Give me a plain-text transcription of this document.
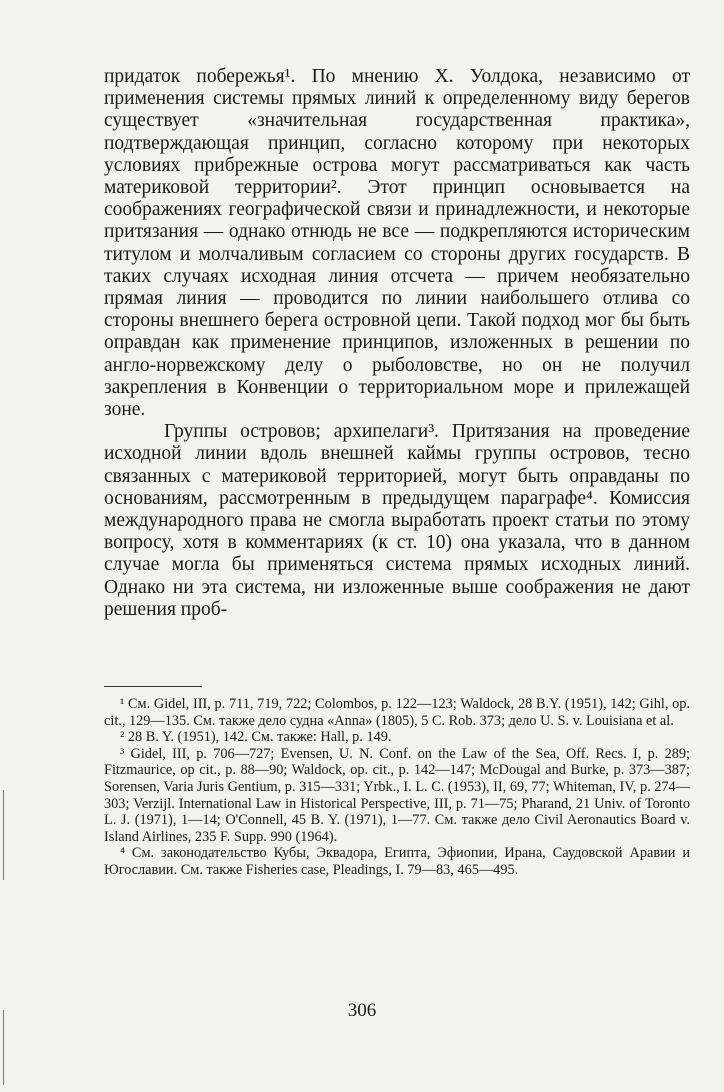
придаток побережья¹. По мнению X. Уолдока, независимо от применения системы прямых линий к определенному виду берегов существует «значительная государственная практика», подтверждающая принцип, согласно которому при некоторых условиях прибрежные острова могут рассматриваться как часть материковой территории². Этот принцип основывается на соображениях географической связи и принадлежности, и некоторые притязания — однако отнюдь не все — подкрепляются историческим титулом и молчаливым согласием со стороны других государств. В таких случаях исходная линия отсчета — причем необязательно прямая линия — проводится по линии наибольшего отлива со стороны внешнего берега островной цепи. Такой подход мог бы быть оправдан как применение принципов, изложенных в решении по англо-норвежскому делу о рыболовстве, но он не получил закрепления в Конвенции о территориальном море и прилежащей зоне.

Группы островов; архипелаги³. Притязания на проведение исходной линии вдоль внешней каймы группы островов, тесно связанных с материковой территорией, могут быть оправданы по основаниям, рассмотренным в предыдущем параграфе⁴. Комиссия международного права не смогла выработать проект статьи по этому вопросу, хотя в комментариях (к ст. 10) она указала, что в данном случае могла бы применяться система прямых исходных линий. Однако ни эта система, ни изложенные выше соображения не дают решения проб-

¹ См. Gidel, III, p. 711, 719, 722; Colombos, p. 122—123; Waldock, 28 B.Y. (1951), 142; Gihl, op. cit., 129—135. См. также дело судна «Anna» (1805), 5 C. Rob. 373; дело U. S. v. Louisiana et al.

² 28 B. Y. (1951), 142. См. также: Hall, p. 149.

³ Gidel, III, p. 706—727; Evensen, U. N. Conf. on the Law of the Sea, Off. Recs. I, p. 289; Fitzmaurice, op cit., p. 88—90; Waldock, op. cit., p. 142—147; McDougal and Burke, p. 373—387; Sorensen, Varia Juris Gentium, p. 315—331; Yrbk., I. L. C. (1953), II, 69, 77; Whiteman, IV, p. 274—303; Verzijl. International Law in Historical Perspective, III, p. 71—75; Pharand, 21 Univ. of Toronto L. J. (1971), 1—14; O'Connell, 45 B. Y. (1971), 1—77. См. также дело Civil Aeronautics Board v. Island Airlines, 235 F. Supp. 990 (1964).

⁴ См. законодательство Кубы, Эквадора, Египта, Эфиопии, Ирана, Саудовской Аравии и Югославии. См. также Fisheries case, Pleadings, I. 79—83, 465—495.

306
